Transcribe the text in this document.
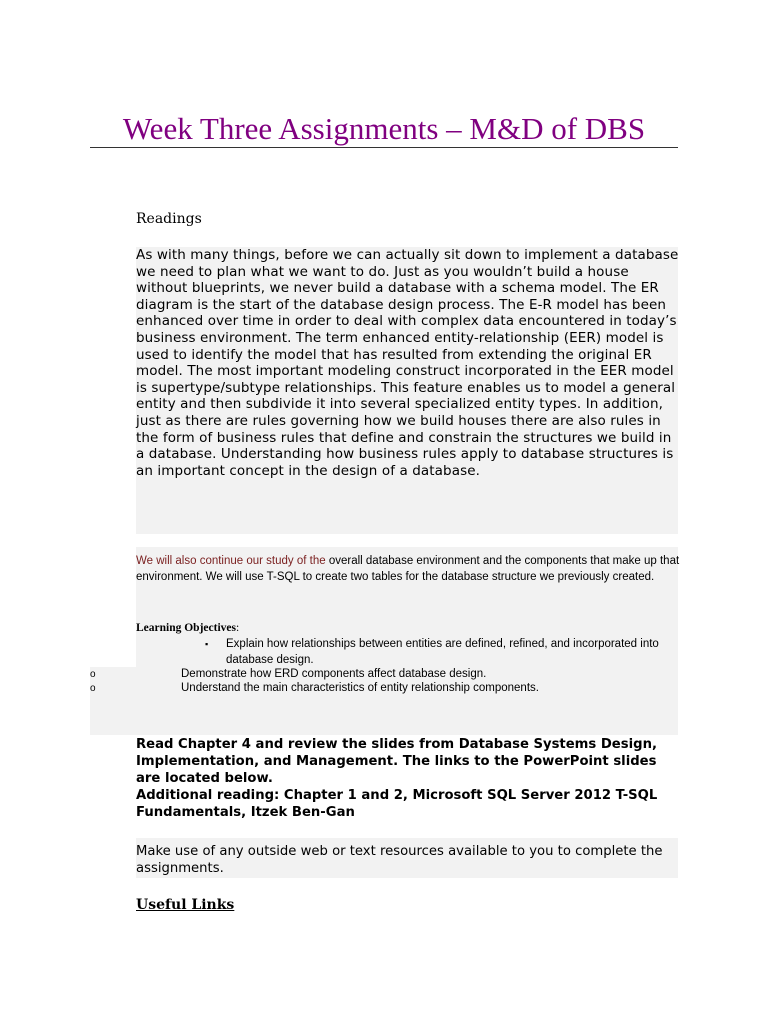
Week Three Assignments – M&D of DBS
Readings
As with many things, before we can actually sit down to implement a database we need to plan what we want to do. Just as you wouldn’t build a house without blueprints, we never build a database with a schema model. The ER diagram is the start of the database design process. The E-R model has been enhanced over time in order to deal with complex data encountered in today’s business environment. The term enhanced entity-relationship (EER) model is used to identify the model that has resulted from extending the original ER model. The most important modeling construct incorporated in the EER model is supertype/subtype relationships. This feature enables us to model a general entity and then subdivide it into several specialized entity types. In addition, just as there are rules governing how we build houses there are also rules in the form of business rules that define and constrain the structures we build in a database. Understanding how business rules apply to database structures is an important concept in the design of a database.
We will also continue our study of the overall database environment and the components that make up that environment. We will use T-SQL to create two tables for the database structure we previously created.
Learning Objectives:
▪ Explain how relationships between entities are defined, refined, and incorporated into database design.
o	Demonstrate how ERD components affect database design.
o	Understand the main characteristics of entity relationship components.
Read Chapter 4 and review the slides from Database Systems Design, Implementation, and Management. The links to the PowerPoint slides are located below.
Additional reading: Chapter 1 and 2, Microsoft SQL Server 2012 T-SQL Fundamentals, Itzek Ben-Gan
Make use of any outside web or text resources available to you to complete the assignments.
Useful Links
